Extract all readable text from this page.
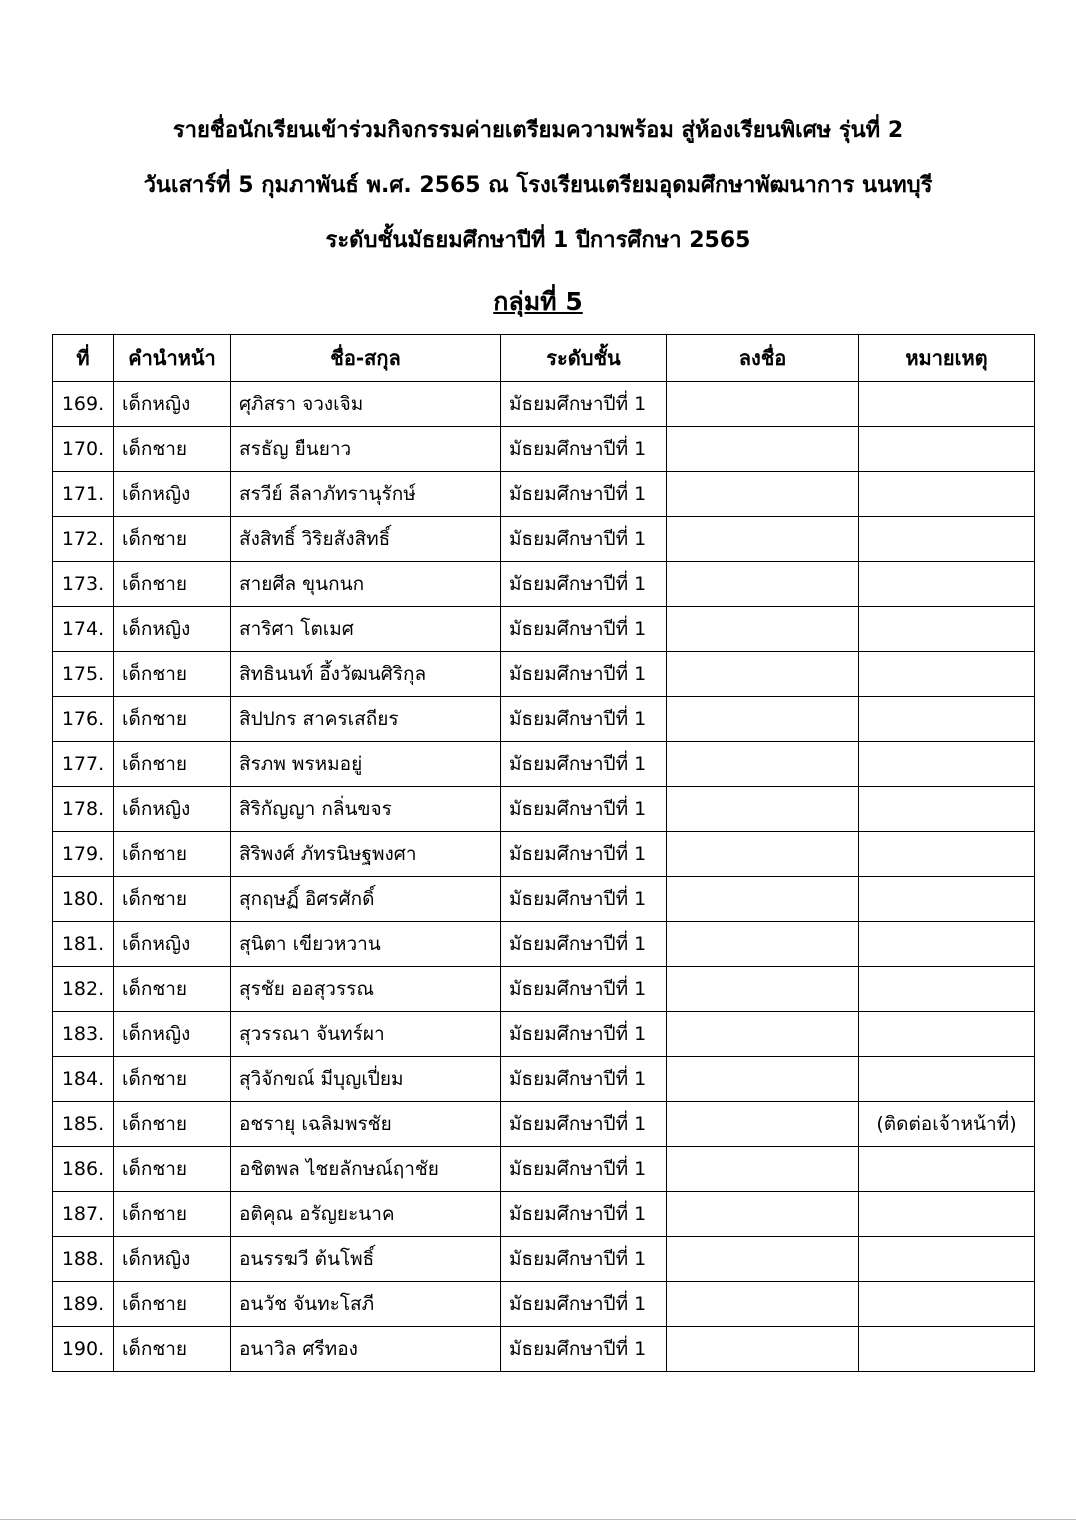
รายชื่อนักเรียนเข้าร่วมกิจกรรมค่ายเตรียมความพร้อม สู่ห้องเรียนพิเศษ รุ่นที่ 2
วันเสาร์ที่ 5 กุมภาพันธ์ พ.ศ. 2565 ณ โรงเรียนเตรียมอุดมศึกษาพัฒนาการ นนทบุรี
ระดับชั้นมัธยมศึกษาปีที่ 1 ปีการศึกษา 2565
กลุ่มที่ 5
ที่	คำนำหน้า	ชื่อ-สกุล	ระดับชั้น	ลงชื่อ	หมายเหตุ
169.	เด็กหญิง	ศุภิสรา จวงเจิม	มัธยมศึกษาปีที่ 1		
170.	เด็กชาย	สรธัญ ยืนยาว	มัธยมศึกษาปีที่ 1		
171.	เด็กหญิง	สรวีย์ ลีลาภัทรานุรักษ์	มัธยมศึกษาปีที่ 1		
172.	เด็กชาย	สังสิทธิ์ วิริยสังสิทธิ์	มัธยมศึกษาปีที่ 1		
173.	เด็กชาย	สายศีล ขุนกนก	มัธยมศึกษาปีที่ 1		
174.	เด็กหญิง	สาริศา โตเมศ	มัธยมศึกษาปีที่ 1		
175.	เด็กชาย	สิทธินนท์ อึ้งวัฒนศิริกุล	มัธยมศึกษาปีที่ 1		
176.	เด็กชาย	สิปปกร สาครเสถียร	มัธยมศึกษาปีที่ 1		
177.	เด็กชาย	สิรภพ พรหมอยู่	มัธยมศึกษาปีที่ 1		
178.	เด็กหญิง	สิริกัญญา กลิ่นขจร	มัธยมศึกษาปีที่ 1		
179.	เด็กชาย	สิริพงศ์ ภัทรนิษฐพงศา	มัธยมศึกษาปีที่ 1		
180.	เด็กชาย	สุกฤษฏิ์ อิศรศักดิ์	มัธยมศึกษาปีที่ 1		
181.	เด็กหญิง	สุนิตา เขียวหวาน	มัธยมศึกษาปีที่ 1		
182.	เด็กชาย	สุรชัย ออสุวรรณ	มัธยมศึกษาปีที่ 1		
183.	เด็กหญิง	สุวรรณา จันทร์ผา	มัธยมศึกษาปีที่ 1		
184.	เด็กชาย	สุวิจักขณ์ มีบุญเปี่ยม	มัธยมศึกษาปีที่ 1		
185.	เด็กชาย	อชรายุ เฉลิมพรชัย	มัธยมศึกษาปีที่ 1		(ติดต่อเจ้าหน้าที่)
186.	เด็กชาย	อชิตพล ไชยลักษณ์ฤาชัย	มัธยมศึกษาปีที่ 1		
187.	เด็กชาย	อติคุณ อรัญยะนาค	มัธยมศึกษาปีที่ 1		
188.	เด็กหญิง	อนรรฆวี ต้นโพธิ์	มัธยมศึกษาปีที่ 1		
189.	เด็กชาย	อนวัช จันทะโสภี	มัธยมศึกษาปีที่ 1		
190.	เด็กชาย	อนาวิล ศรีทอง	มัธยมศึกษาปีที่ 1		
